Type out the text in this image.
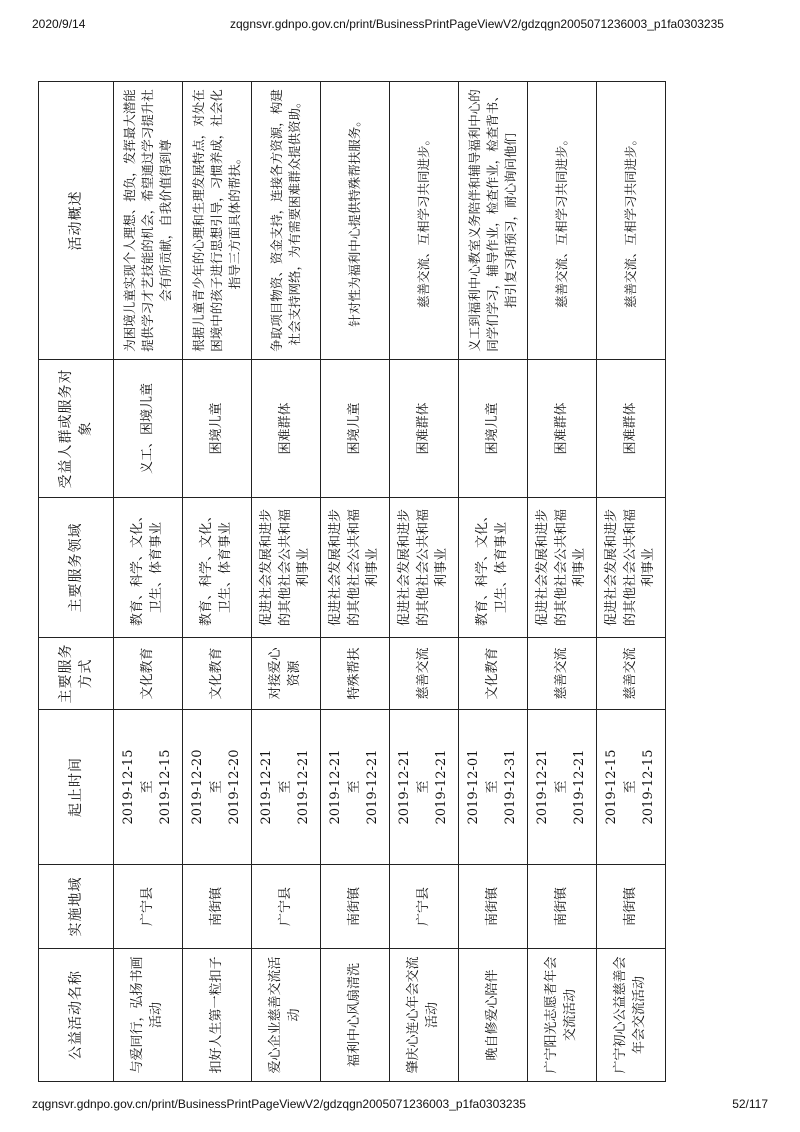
2020/9/14	zqgnsvr.gdnpo.gov.cn/print/BusinessPrintPageViewV2/gdzqgn2005071236003_p1fa0303235
公益活动名称	实施地域	起止时间	主要服务方式	主要服务领域	受益人群或服务对象	活动概述

与爱同行，弘扬书画活动	广宁县	2019-12-15 至 2019-12-15	文化教育	教育、科学、文化、卫生、体育事业	义工、困境儿童	为困境儿童实现个人理想、抱负，发挥最大潜能提供学习才艺技能的机会，希望通过学习提升社会有所贡献，自我价值得到尊

扣好人生第一粒扣子	南街镇	2019-12-20 至 2019-12-20	文化教育	教育、科学、文化、卫生、体育事业	困境儿童	根据儿童青少年的心理和生理发展特点，对处在困境中的孩子进行思想引导，习惯养成，社会化指导三方面具体的帮扶。

爱心企业慈善交流活动	广宁县	2019-12-21 至 2019-12-21	对接爱心资源	促进社会发展和进步的其他社会公共和福利事业	困难群体	争取项目物资、资金支持，连接各方资源，构建社会支持网络，为有需要困难群众提供资助。

福利中心风扇清洗	南街镇	2019-12-21 至 2019-12-21	特殊帮扶	促进社会发展和进步的其他社会公共和福利事业	困境儿童	针对性为福利中心提供特殊帮扶服务。

肇庆心连心年会交流活动	广宁县	2019-12-21 至 2019-12-21	慈善交流	促进社会发展和进步的其他社会公共和福利事业	困难群体	慈善交流、互相学习共同进步。

晚自修爱心陪伴	南街镇	2019-12-01 至 2019-12-31	文化教育	教育、科学、文化、卫生、体育事业	困境儿童	义工到福利中心教室义务陪伴和辅导福利中心的同学们学习，辅导作业，检查作业，检查背书、指引复习和预习，耐心询问他们

广宁阳光志愿者年会交流活动	南街镇	2019-12-21 至 2019-12-21	慈善交流	促进社会发展和进步的其他社会公共和福利事业	困难群体	慈善交流、互相学习共同进步。

广宁初心公益慈善会年会交流活动	南街镇	2019-12-15 至 2019-12-15	慈善交流	促进社会发展和进步的其他社会公共和福利事业	困难群体	慈善交流、互相学习共同进步。
zqgnsvr.gdnpo.gov.cn/print/BusinessPrintPageViewV2/gdzqgn2005071236003_p1fa0303235	52/117
